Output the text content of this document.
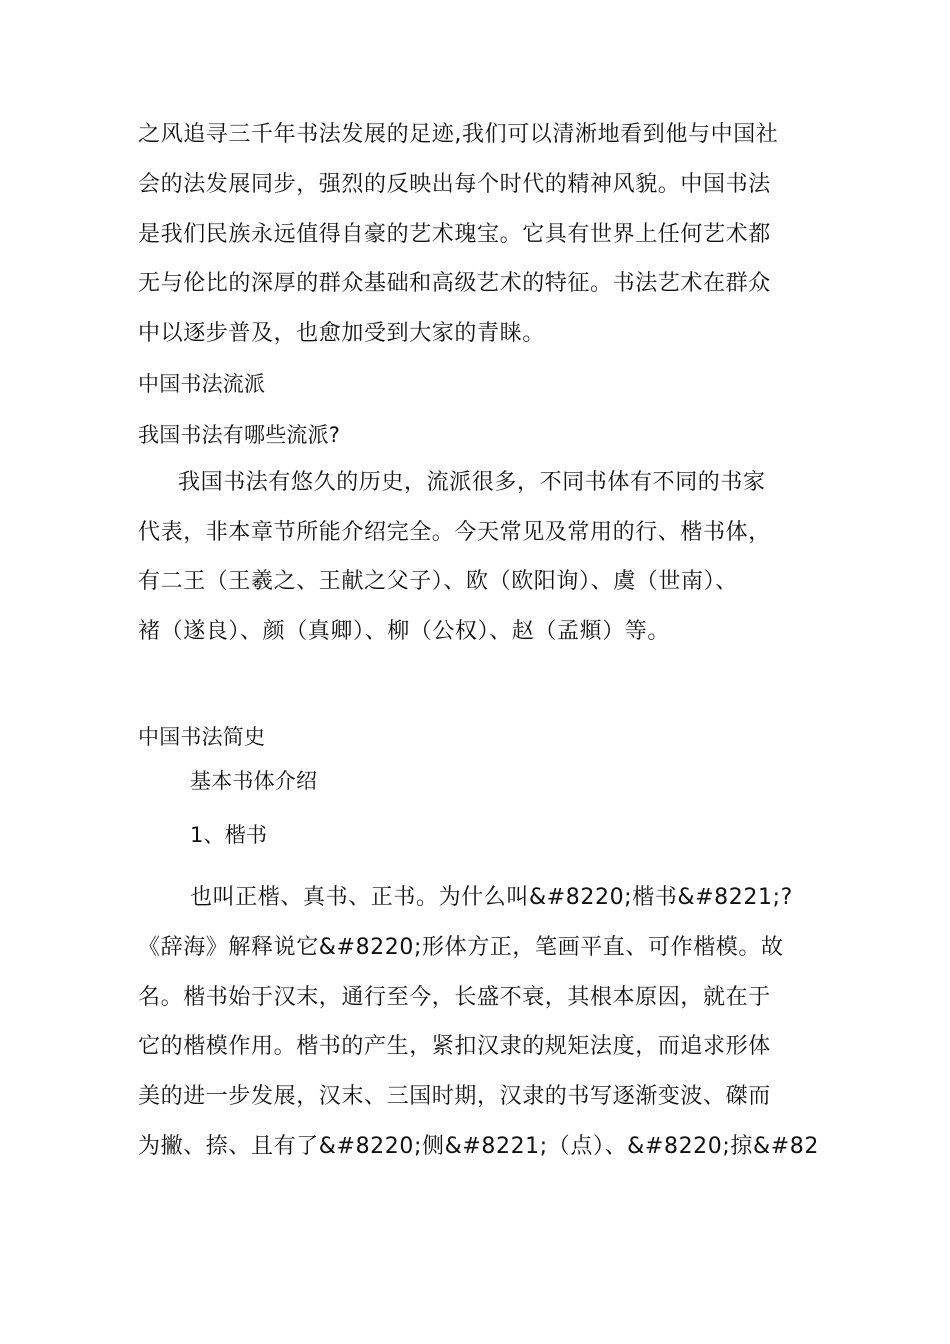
之风追寻三千年书法发展的足迹,我们可以清淅地看到他与中国社
会的法发展同步，强烈的反映出每个时代的精神风貌。中国书法
是我们民族永远值得自豪的艺术瑰宝。它具有世界上任何艺术都
无与伦比的深厚的群众基础和高级艺术的特征。书法艺术在群众
中以逐步普及，也愈加受到大家的青睐。
中国书法流派
我国书法有哪些流派?
我国书法有悠久的历史，流派很多，不同书体有不同的书家
代表，非本章节所能介绍完全。今天常见及常用的行、楷书体，
有二王（王羲之、王献之父子）、欧（欧阳询）、虞（世南）、
褚（遂良）、颜（真卿）、柳（公权）、赵（孟頫）等。
中国书法简史
基本书体介绍
1、楷书
也叫正楷、真书、正书。为什么叫&#8220;楷书&#8221;?
《辞海》解释说它&#8220;形体方正，笔画平直、可作楷模。故
名。楷书始于汉末，通行至今，长盛不衰，其根本原因，就在于
它的楷模作用。楷书的产生，紧扣汉隶的规矩法度，而追求形体
美的进一步发展，汉末、三国时期，汉隶的书写逐渐变波、磔而
为撇、捺、且有了&#8220;侧&#8221;（点）、&#8220;掠&#82
